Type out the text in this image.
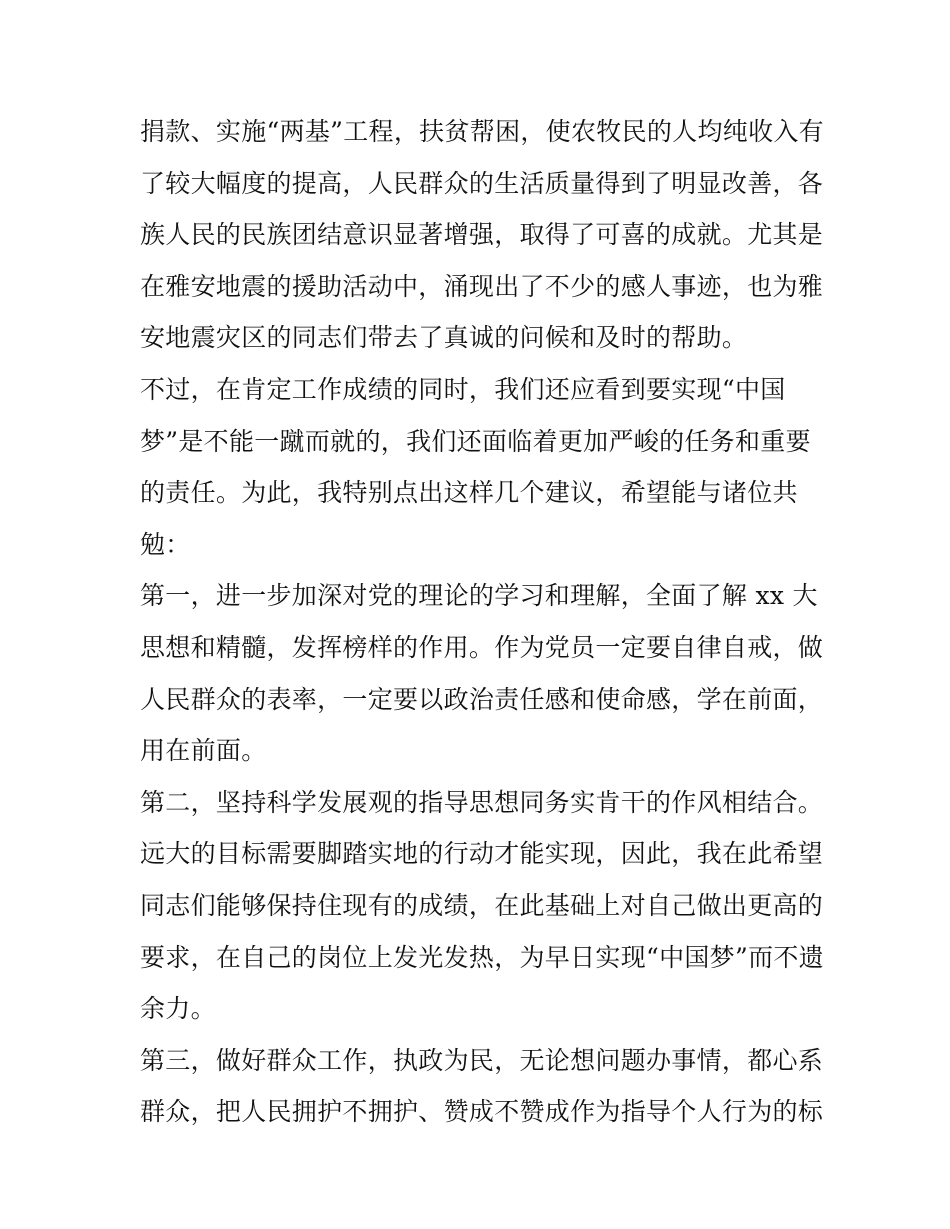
捐款、实施“两基”工程，扶贫帮困，使农牧民的人均纯收入有
了较大幅度的提高，人民群众的生活质量得到了明显改善，各
族人民的民族团结意识显著增强，取得了可喜的成就。尤其是
在雅安地震的援助活动中，涌现出了不少的感人事迹，也为雅
安地震灾区的同志们带去了真诚的问候和及时的帮助。
不过，在肯定工作成绩的同时，我们还应看到要实现“中国
梦”是不能一蹴而就的，我们还面临着更加严峻的任务和重要
的责任。为此，我特别点出这样几个建议，希望能与诸位共
勉：
第一，进一步加深对党的理论的学习和理解，全面了解 xx 大
思想和精髓，发挥榜样的作用。作为党员一定要自律自戒，做
人民群众的表率，一定要以政治责任感和使命感，学在前面，
用在前面。
第二，坚持科学发展观的指导思想同务实肯干的作风相结合。
远大的目标需要脚踏实地的行动才能实现，因此，我在此希望
同志们能够保持住现有的成绩，在此基础上对自己做出更高的
要求，在自己的岗位上发光发热，为早日实现“中国梦”而不遗
余力。
第三，做好群众工作，执政为民，无论想问题办事情，都心系
群众，把人民拥护不拥护、赞成不赞成作为指导个人行为的标
